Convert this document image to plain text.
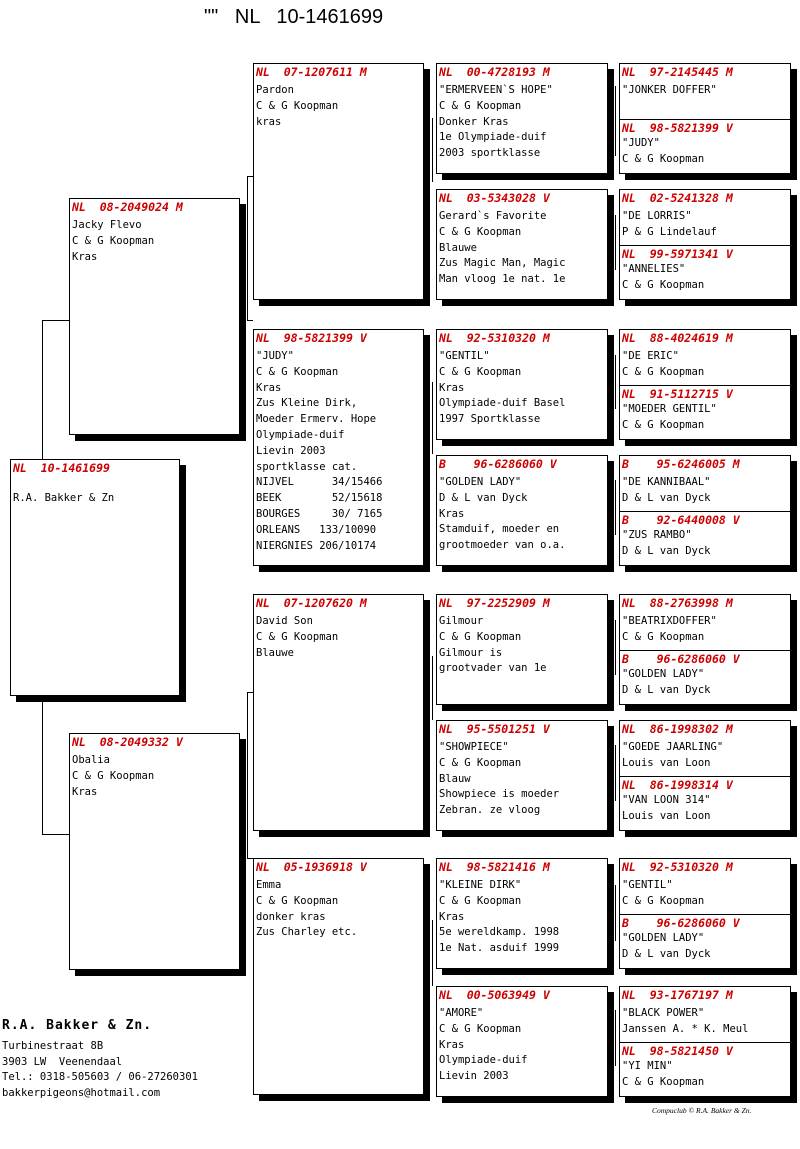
""   NL   10-1461699
NL  10-1461699
R.A. Bakker & Zn
NL  08-2049024 M
Jacky Flevo
C & G Koopman
Kras
NL  08-2049332 V
Obalia
C & G Koopman
Kras
NL  07-1207611 M
Pardon
C & G Koopman
kras
NL  98-5821399 V
"JUDY"
C & G Koopman
Kras
Zus Kleine Dirk,
Moeder Ermerv. Hope
Olympiade-duif
Lievin 2003
sportklasse cat.
NIJVEL      34/15466
BEEK        52/15618
BOURGES     30/ 7165
ORLEANS   133/10090
NIERGNIES 206/10174
NL  07-1207620 M
David Son
C & G Koopman
Blauwe
NL  05-1936918 V
Emma
C & G Koopman
donker kras
Zus Charley etc.
NL  00-4728193 M
"ERMERVEEN`S HOPE"
C & G Koopman
Donker Kras
1e Olympiade-duif
2003 sportklasse
NL  03-5343028 V
Gerard`s Favorite
C & G Koopman
Blauwe
Zus Magic Man, Magic
Man vloog 1e nat. 1e
NL  92-5310320 M
"GENTIL"
C & G Koopman
Kras
Olympiade-duif Basel
1997 Sportklasse
B    96-6286060 V
"GOLDEN LADY"
D & L van Dyck
Kras
Stamduif, moeder en
grootmoeder van o.a.
NL  97-2252909 M
Gilmour
C & G Koopman
Gilmour is
grootvader van 1e
NL  95-5501251 V
"SHOWPIECE"
C & G Koopman
Blauw
Showpiece is moeder
Zebran. ze vloog
NL  98-5821416 M
"KLEINE DIRK"
C & G Koopman
Kras
5e wereldkamp. 1998
1e Nat. asduif 1999
NL  00-5063949 V
"AMORE"
C & G Koopman
Kras
Olympiade-duif
Lievin 2003
NL  97-2145445 M
"JONKER DOFFER"
NL  98-5821399 V
"JUDY"
C & G Koopman
NL  02-5241328 M
"DE LORRIS"
P & G Lindelauf
NL  99-5971341 V
"ANNELIES"
C & G Koopman
NL  88-4024619 M
"DE ERIC"
C & G Koopman
NL  91-5112715 V
"MOEDER GENTIL"
C & G Koopman
B    95-6246005 M
"DE KANNIBAAL"
D & L van Dyck
B    92-6440008 V
"ZUS RAMBO"
D & L van Dyck
NL  88-2763998 M
"BEATRIXDOFFER"
C & G Koopman
B    96-6286060 V
"GOLDEN LADY"
D & L van Dyck
NL  86-1998302 M
"GOEDE JAARLING"
Louis van Loon
NL  86-1998314 V
"VAN LOON 314"
Louis van Loon
NL  92-5310320 M
"GENTIL"
C & G Koopman
B    96-6286060 V
"GOLDEN LADY"
D & L van Dyck
NL  93-1767197 M
"BLACK POWER"
Janssen A. * K. Meul
NL  98-5821450 V
"YI MIN"
C & G Koopman
R.A. Bakker & Zn.
Turbinestraat 8B
3903 LW  Veenendaal
Tel.: 0318-505603 / 06-27260301
bakkerpigeons@hotmail.com
Compuclub © R.A. Bakker & Zn.
